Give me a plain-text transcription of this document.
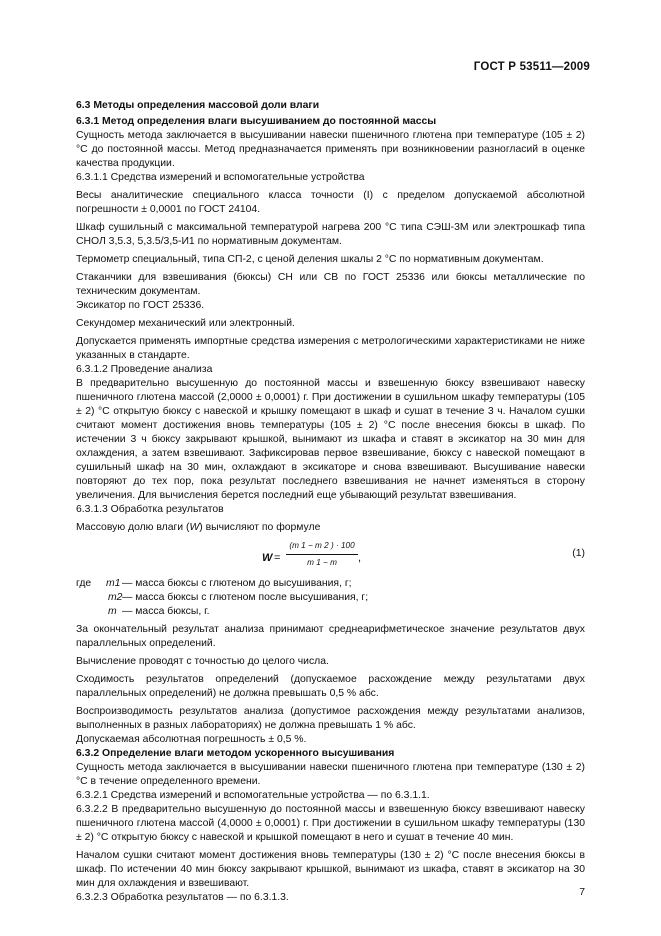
ГОСТ Р 53511—2009

6.3 Методы определения массовой доли влаги

6.3.1 Метод определения влаги высушиванием до постоянной массы

Сущность метода заключается в высушивании навески пшеничного глютена при температуре (105 ± 2) °С до постоянной массы. Метод предназначается применять при возникновении разногласий в оценке качества продукции.

6.3.1.1 Средства измерений и вспомогательные устройства

Весы аналитические специального класса точности (I) с пределом допускаемой абсолютной погрешности ± 0,0001 по ГОСТ 24104.

Шкаф сушильный с максимальной температурой нагрева 200 °С типа СЭШ-3М или электрошкаф типа СНОЛ 3,5.3, 5,3.5/3,5-И1 по нормативным документам.

Термометр специальный, типа СП-2, с ценой деления шкалы 2 °С по нормативным документам.

Стаканчики для взвешивания (бюксы) СН или СВ по ГОСТ 25336 или бюксы металлические по техническим документам.

Эксикатор по ГОСТ 25336.

Секундомер механический или электронный.

Допускается применять импортные средства измерения с метрологическими характеристиками не ниже указанных в стандарте.

6.3.1.2 Проведение анализа

В предварительно высушенную до постоянной массы и взвешенную бюксу взвешивают навеску пшеничного глютена массой (2,0000 ± 0,0001) г. При достижении в сушильном шкафу температуры (105 ± 2) °С открытую бюксу с навеской и крышку помещают в шкаф и сушат в течение 3 ч. Началом сушки считают момент достижения вновь температуры (105 ± 2) °С после внесения бюксы в шкаф. По истечении 3 ч бюксу закрывают крышкой, вынимают из шкафа и ставят в эксикатор на 30 мин для охлаждения, а затем взвешивают. Зафиксировав первое взвешивание, бюксу с навеской помещают в сушильный шкаф на 30 мин, охлаждают в эксикаторе и снова взвешивают. Высушивание навески повторяют до тех пор, пока результат последнего взвешивания не начнет изменяться в сторону увеличения. Для вычисления берется последний еще убывающий результат взвешивания.

6.3.1.3 Обработка результатов

Массовую долю влаги (W) вычисляют по формуле

W =
(m 1 − m 2 ) · 100
m 1 − m	,	(1)
где m1 — масса бюксы с глютеном до высушивания, г;
m2 — масса бюксы с глютеном после высушивания, г;
m — масса бюксы, г.

За окончательный результат анализа принимают среднеарифметическое значение результатов двух параллельных определений.

Вычисление проводят с точностью до целого числа.

Сходимость результатов определений (допускаемое расхождение между результатами двух параллельных определений) не должна превышать 0,5 % абс.

Воспроизводимость результатов анализа (допустимое расхождения между результатами анализов, выполненных в разных лабораториях) не должна превышать 1 % абс.

Допускаемая абсолютная погрешность ± 0,5 %.

6.3.2 Определение влаги методом ускоренного высушивания

Сущность метода заключается в высушивании навески пшеничного глютена при температуре (130 ± 2) °С в течение определенного времени.

6.3.2.1 Средства измерений и вспомогательные устройства — по 6.3.1.1.

6.3.2.2 В предварительно высушенную до постоянной массы и взвешенную бюксу взвешивают навеску пшеничного глютена массой (4,0000 ± 0,0001) г. При достижении в сушильном шкафу температуры (130 ± 2) °С открытую бюксу с навеской и крышкой помещают в него и сушат в течение 40 мин.

Началом сушки считают момент достижения вновь температуры (130 ± 2) °С после внесения бюксы в шкаф. По истечении 40 мин бюксу закрывают крышкой, вынимают из шкафа, ставят в эксикатор на 30 мин для охлаждения и взвешивают.

6.3.2.3 Обработка результатов — по 6.3.1.3.	7
